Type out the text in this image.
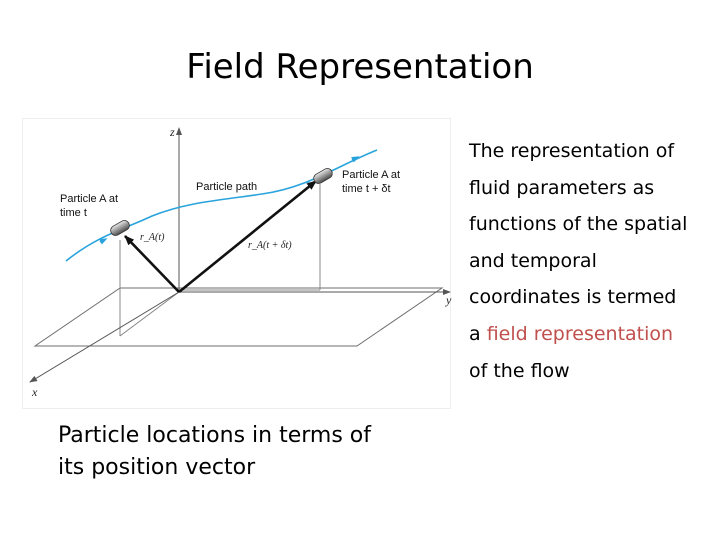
Field Representation
z
y
x
Particle path
Particle A at
time t
Particle A at
time t + δt
r_A(t)
r_A(t + δt)
Particle locations in terms of its position vector
The representation of
fluid parameters as
functions of the spatial
and temporal
coordinates is termed
a field representation
of the flow
